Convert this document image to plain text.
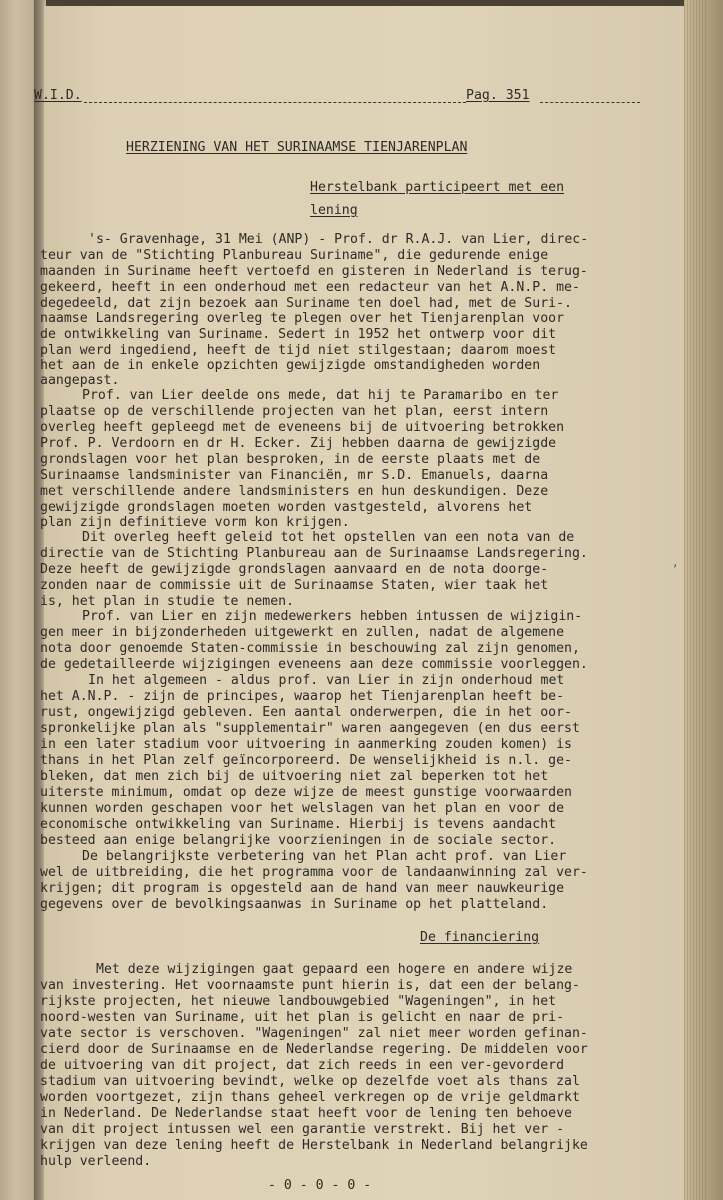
W.I.D.	Pag. 351
HERZIENING VAN HET SURINAAMSE TIENJARENPLAN
Herstelbank participeert met een
lening
's- Gravenhage, 31 Mei (ANP) - Prof. dr R.A.J. van Lier, direc-
teur van de "Stichting Planbureau Suriname", die gedurende enige
maanden in Suriname heeft vertoefd en gisteren in Nederland is terug-
gekeerd, heeft in een onderhoud met een redacteur van het A.N.P. me-
degedeeld, dat zijn bezoek aan Suriname ten doel had, met de Suri-.
naamse Landsregering overleg te plegen over het Tienjarenplan voor
de ontwikkeling van Suriname. Sedert in 1952 het ontwerp voor dit
plan werd ingediend, heeft de tijd niet stilgestaan; daarom moest
het aan de in enkele opzichten gewijzigde omstandigheden worden
aangepast.
Prof. van Lier deelde ons mede, dat hij te Paramaribo en ter
plaatse op de verschillende projecten van het plan, eerst intern
overleg heeft gepleegd met de eveneens bij de uitvoering betrokken
Prof. P. Verdoorn en dr H. Ecker. Zij hebben daarna de gewijzigde
grondslagen voor het plan besproken, in de eerste plaats met de
Surinaamse landsminister van Financiën, mr S.D. Emanuels, daarna
met verschillende andere landsministers en hun deskundigen. Deze
gewijzigde grondslagen moeten worden vastgesteld, alvorens het
plan zijn definitieve vorm kon krijgen.
Dit overleg heeft geleid tot het opstellen van een nota van de
directie van de Stichting Planbureau aan de Surinaamse Landsregering.
Deze heeft de gewijzigde grondslagen aanvaard en de nota doorge-
zonden naar de commissie uit de Surinaamse Staten, wier taak het
is, het plan in studie te nemen.
,
Prof. van Lier en zijn medewerkers hebben intussen de wijzigin-
gen meer in bijzonderheden uitgewerkt en zullen, nadat de algemene
nota door genoemde Staten-commissie in beschouwing zal zijn genomen,
de gedetailleerde wijzigingen eveneens aan deze commissie voorleggen.
In het algemeen - aldus prof. van Lier in zijn onderhoud met
het A.N.P. - zijn de principes, waarop het Tienjarenplan heeft be-
rust, ongewijzigd gebleven. Een aantal onderwerpen, die in het oor-
spronkelijke plan als "supplementair" waren aangegeven (en dus eerst
in een later stadium voor uitvoering in aanmerking zouden komen) is
thans in het Plan zelf geïncorporeerd. De wenselijkheid is n.l. ge-
bleken, dat men zich bij de uitvoering niet zal beperken tot het
uiterste minimum, omdat op deze wijze de meest gunstige voorwaarden
kunnen worden geschapen voor het welslagen van het plan en voor de
economische ontwikkeling van Suriname. Hierbij is tevens aandacht
besteed aan enige belangrijke voorzieningen in de sociale sector.
De belangrijkste verbetering van het Plan acht prof. van Lier
wel de uitbreiding, die het programma voor de landaanwinning zal ver-
krijgen; dit program is opgesteld aan de hand van meer nauwkeurige
gegevens over de bevolkingsaanwas in Suriname op het platteland.
De financiering
Met deze wijzigingen gaat gepaard een hogere en andere wijze
van investering. Het voornaamste punt hierin is, dat een der belang-
rijkste projecten, het nieuwe landbouwgebied "Wageningen", in het
noord-westen van Suriname, uit het plan is gelicht en naar de pri-
vate sector is verschoven. "Wageningen" zal niet meer worden gefinan-
cierd door de Surinaamse en de Nederlandse regering. De middelen voor
de uitvoering van dit project, dat zich reeds in een ver-gevorderd
stadium van uitvoering bevindt, welke op dezelfde voet als thans zal
worden voortgezet, zijn thans geheel verkregen op de vrije geldmarkt
in Nederland. De Nederlandse staat heeft voor de lening ten behoeve
van dit project intussen wel een garantie verstrekt. Bij het ver -
krijgen van deze lening heeft de Herstelbank in Nederland belangrijke
hulp verleend.
- 0 - 0 - 0 -
